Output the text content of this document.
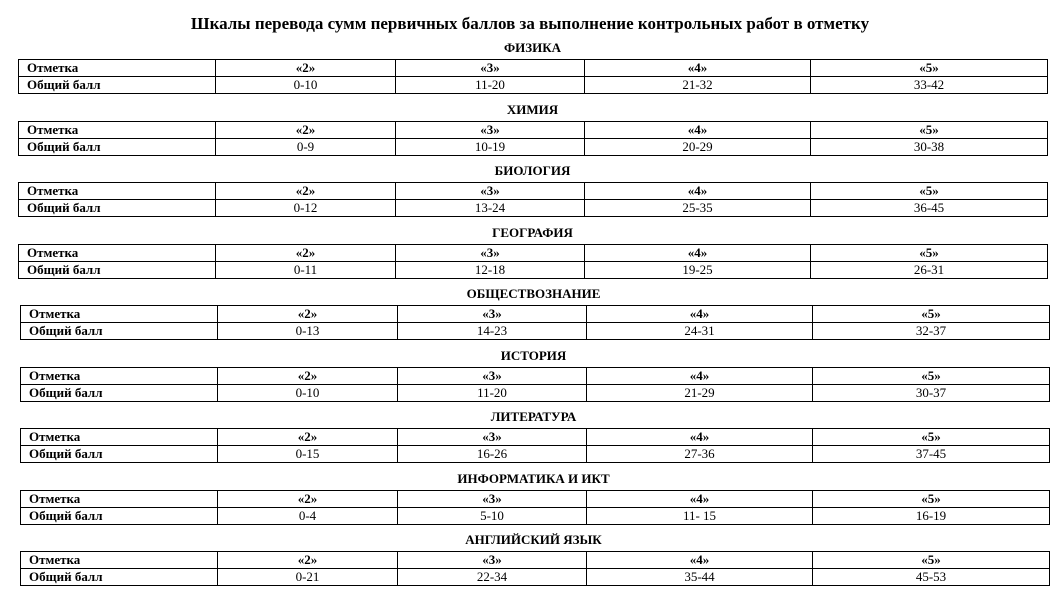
Шкалы перевода сумм первичных баллов за выполнение контрольных работ в отметку
ФИЗИКА
Отметка	«2»	«3»	«4»	«5»
Общий балл	0-10	11-20	21-32	33-42
ХИМИЯ
Отметка	«2»	«3»	«4»	«5»
Общий балл	0-9	10-19	20-29	30-38
БИОЛОГИЯ
Отметка	«2»	«3»	«4»	«5»
Общий балл	0-12	13-24	25-35	36-45
ГЕОГРАФИЯ
Отметка	«2»	«3»	«4»	«5»
Общий балл	0-11	12-18	19-25	26-31
ОБЩЕСТВОЗНАНИЕ
Отметка	«2»	«3»	«4»	«5»
Общий балл	0-13	14-23	24-31	32-37
ИСТОРИЯ
Отметка	«2»	«3»	«4»	«5»
Общий балл	0-10	11-20	21-29	30-37
ЛИТЕРАТУРА
Отметка	«2»	«3»	«4»	«5»
Общий балл	0-15	16-26	27-36	37-45
ИНФОРМАТИКА И ИКТ
Отметка	«2»	«3»	«4»	«5»
Общий балл	0-4	5-10	11- 15	16-19
АНГЛИЙСКИЙ ЯЗЫК
Отметка	«2»	«3»	«4»	«5»
Общий балл	0-21	22-34	35-44	45-53
